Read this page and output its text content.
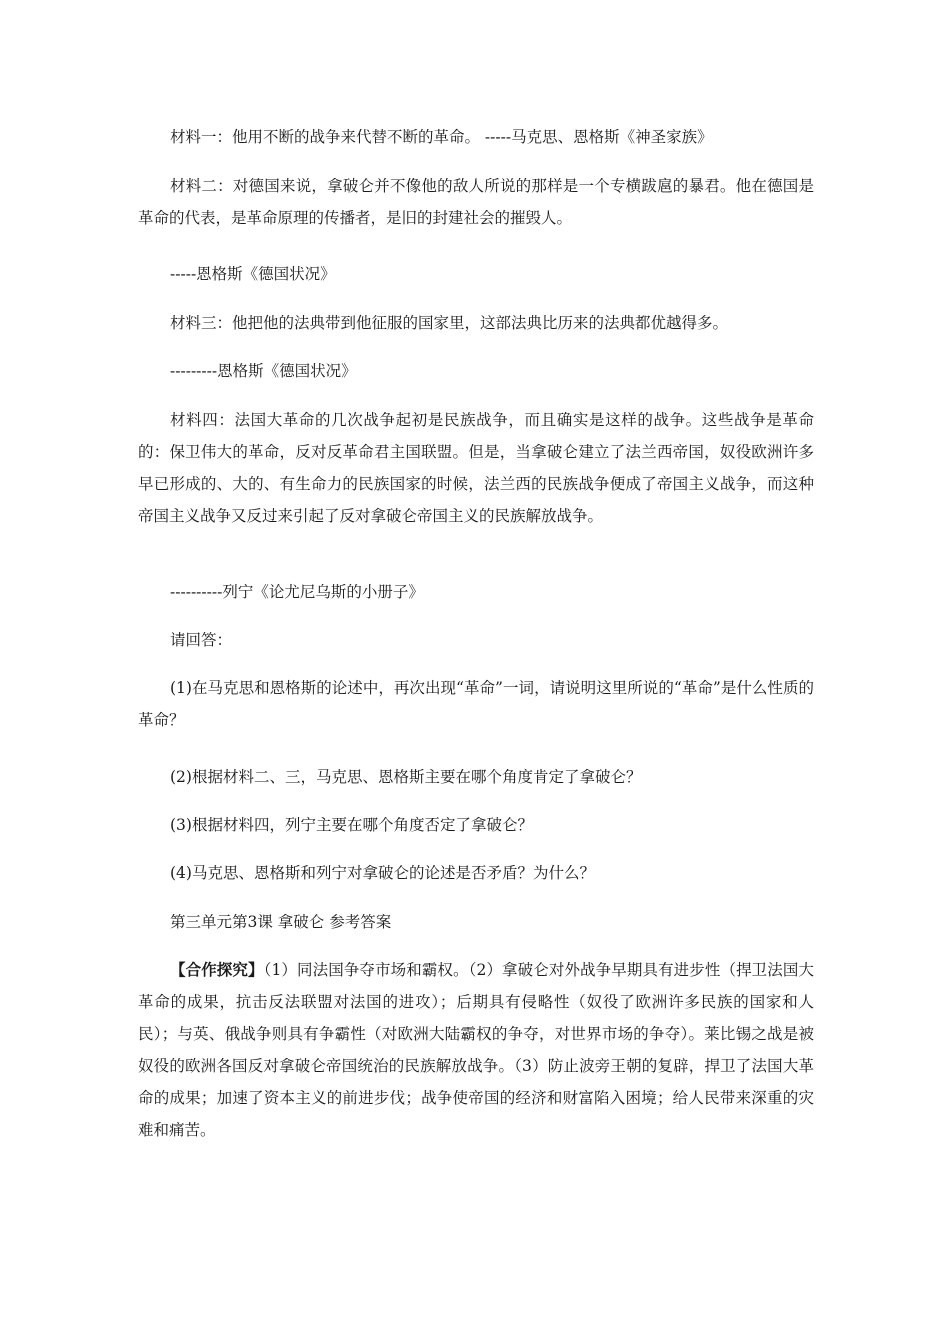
材料一：他用不断的战争来代替不断的革命。 -----马克思、恩格斯《神圣家族》

材料二：对德国来说，拿破仑并不像他的敌人所说的那样是一个专横跋扈的暴君。他在德国是革命的代表，是革命原理的传播者，是旧的封建社会的摧毁人。

-----恩格斯《德国状况》

材料三：他把他的法典带到他征服的国家里，这部法典比历来的法典都优越得多。

---------恩格斯《德国状况》

材料四：法国大革命的几次战争起初是民族战争，而且确实是这样的战争。这些战争是革命的：保卫伟大的革命，反对反革命君主国联盟。但是，当拿破仑建立了法兰西帝国，奴役欧洲许多早已形成的、大的、有生命力的民族国家的时候，法兰西的民族战争便成了帝国主义战争，而这种帝国主义战争又反过来引起了反对拿破仑帝国主义的民族解放战争。

----------列宁《论尤尼乌斯的小册子》

请回答：

(1)在马克思和恩格斯的论述中，再次出现“革命”一词，请说明这里所说的“革命”是什么性质的革命？

(2)根据材料二、三，马克思、恩格斯主要在哪个角度肯定了拿破仑？

(3)根据材料四，列宁主要在哪个角度否定了拿破仑？

(4)马克思、恩格斯和列宁对拿破仑的论述是否矛盾？为什么？

第三单元第3课 拿破仑 参考答案

【合作探究】（1）同法国争夺市场和霸权。（2）拿破仑对外战争早期具有进步性（捍卫法国大革命的成果，抗击反法联盟对法国的进攻）；后期具有侵略性（奴役了欧洲许多民族的国家和人民）；与英、俄战争则具有争霸性（对欧洲大陆霸权的争夺，对世界市场的争夺）。莱比锡之战是被奴役的欧洲各国反对拿破仑帝国统治的民族解放战争。（3）防止波旁王朝的复辟，捍卫了法国大革命的成果；加速了资本主义的前进步伐；战争使帝国的经济和财富陷入困境；给人民带来深重的灾难和痛苦。
